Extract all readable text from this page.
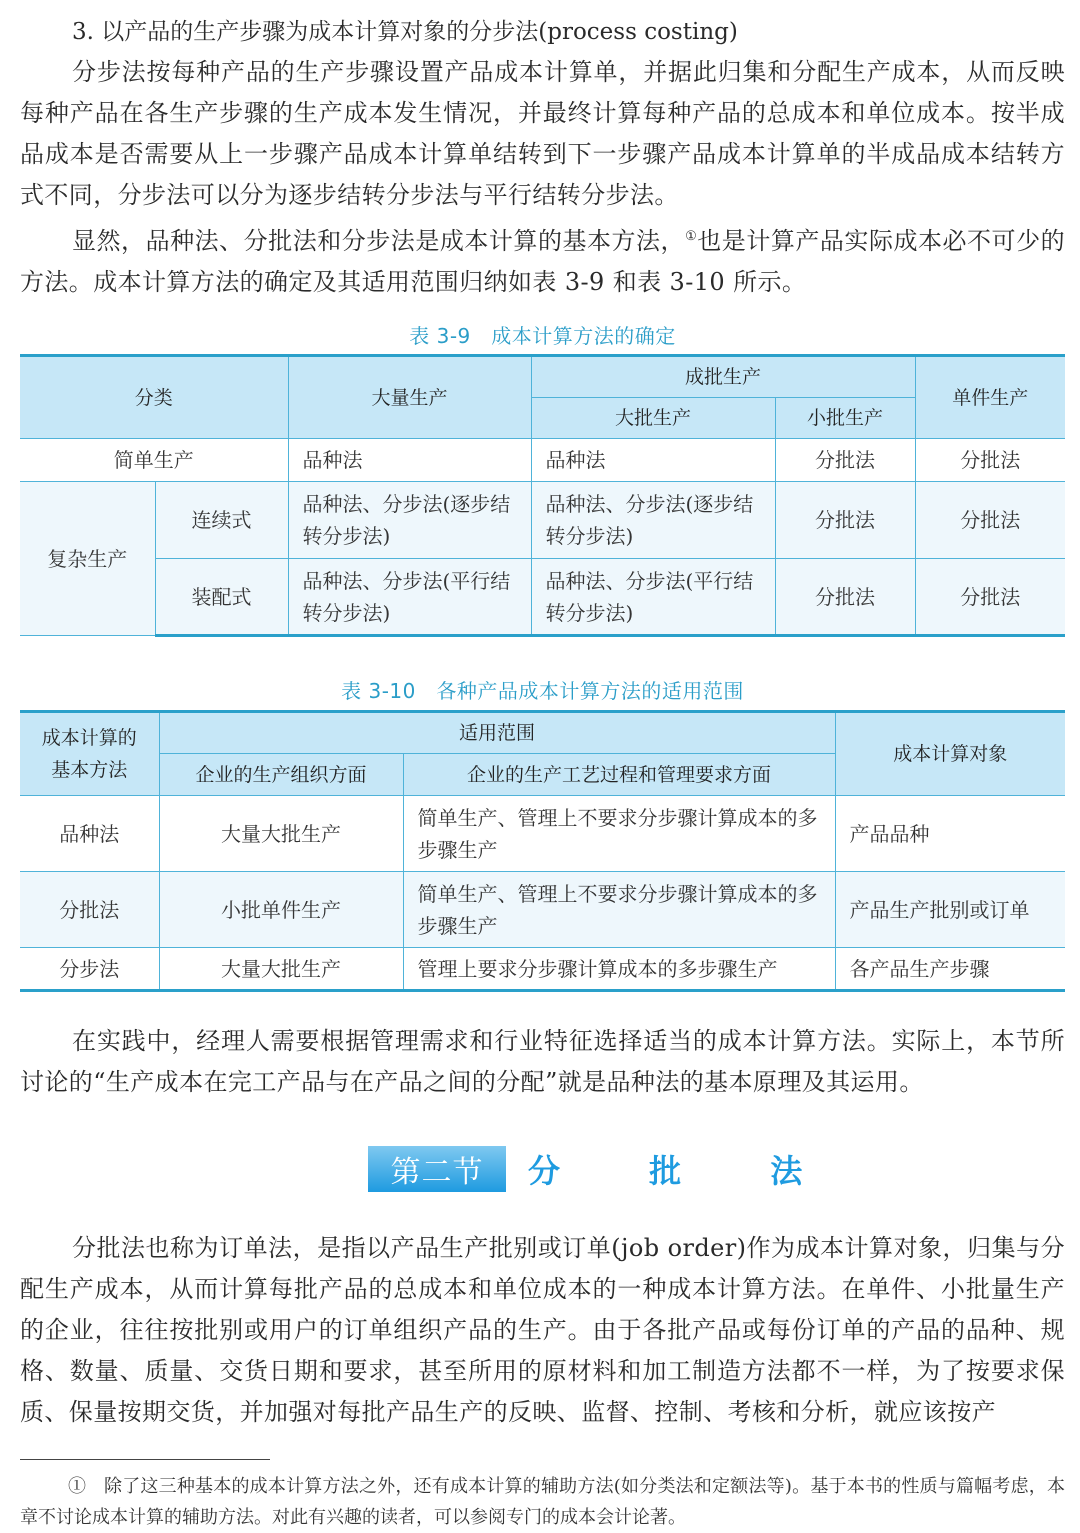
3. 以产品的生产步骤为成本计算对象的分步法(process costing)
分步法按每种产品的生产步骤设置产品成本计算单，并据此归集和分配生产成本，从而反映每种产品在各生产步骤的生产成本发生情况，并最终计算每种产品的总成本和单位成本。按半成品成本是否需要从上一步骤产品成本计算单结转到下一步骤产品成本计算单的半成品成本结转方式不同，分步法可以分为逐步结转分步法与平行结转分步法。
显然，品种法、分批法和分步法是成本计算的基本方法，①也是计算产品实际成本必不可少的方法。成本计算方法的确定及其适用范围归纳如表 3-9 和表 3-10 所示。
表 3-9　成本计算方法的确定
分类		大量生产	成批生产		单件生产
			大批生产	小批生产	
简单生产		品种法	品种法	分批法	分批法
复杂生产	连续式	品种法、分步法(逐步结转分步法)	品种法、分步法(逐步结转分步法)	分批法	分批法
	装配式	品种法、分步法(平行结转分步法)	品种法、分步法(平行结转分步法)	分批法	分批法
表 3-10　各种产品成本计算方法的适用范围
成本计算的基本方法	适用范围		成本计算对象
	企业的生产组织方面	企业的生产工艺过程和管理要求方面	
品种法	大量大批生产	简单生产、管理上不要求分步骤计算成本的多步骤生产	产品品种
分批法	小批单件生产	简单生产、管理上不要求分步骤计算成本的多步骤生产	产品生产批别或订单
分步法	大量大批生产	管理上要求分步骤计算成本的多步骤生产	各产品生产步骤
在实践中，经理人需要根据管理需求和行业特征选择适当的成本计算方法。实际上，本节所讨论的“生产成本在完工产品与在产品之间的分配”就是品种法的基本原理及其运用。
第二节	分 批 法
分批法也称为订单法，是指以产品生产批别或订单(job order)作为成本计算对象，归集与分配生产成本，从而计算每批产品的总成本和单位成本的一种成本计算方法。在单件、小批量生产的企业，往往按批别或用户的订单组织产品的生产。由于各批产品或每份订单的产品的品种、规格、数量、质量、交货日期和要求，甚至所用的原材料和加工制造方法都不一样，为了按要求保质、保量按期交货，并加强对每批产品生产的反映、监督、控制、考核和分析，就应该按产
① 除了这三种基本的成本计算方法之外，还有成本计算的辅助方法(如分类法和定额法等)。基于本书的性质与篇幅考虑，本章不讨论成本计算的辅助方法。对此有兴趣的读者，可以参阅专门的成本会计论著。
